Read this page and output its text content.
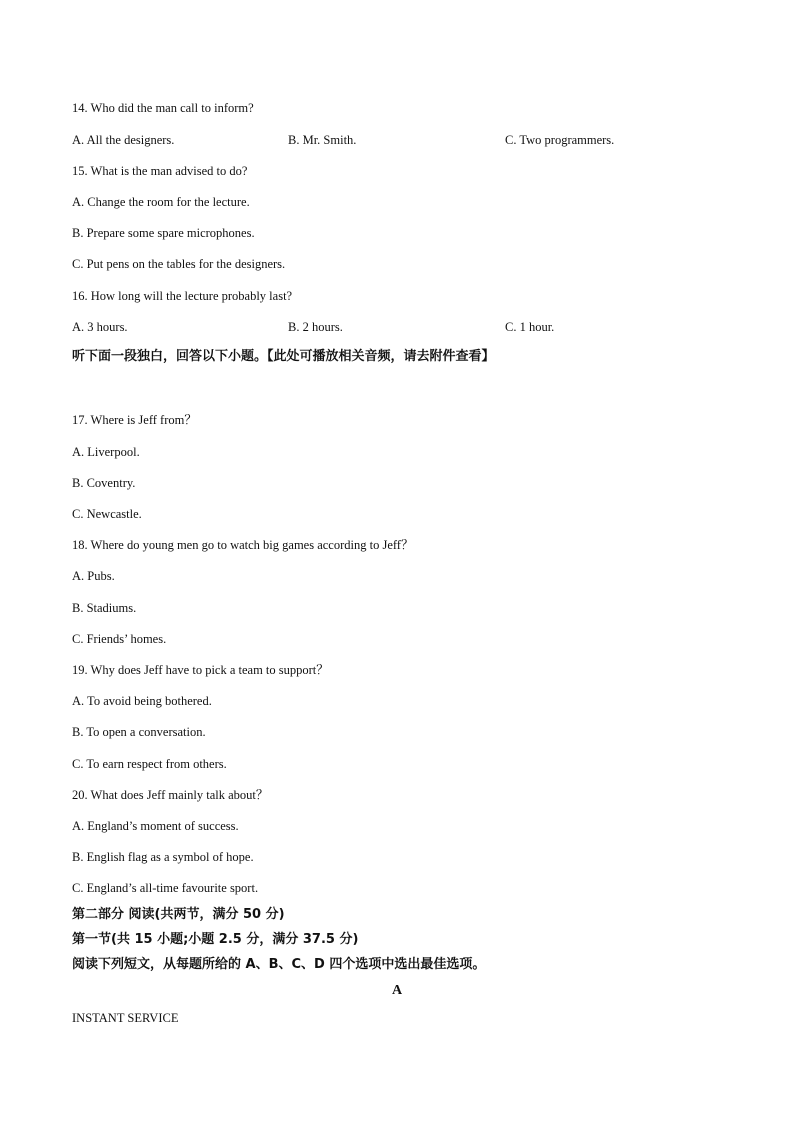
14. Who did the man call to inform?
A. All the designers.	B. Mr. Smith.	C. Two programmers.
15. What is the man advised to do?
A. Change the room for the lecture.
B. Prepare some spare microphones.
C. Put pens on the tables for the designers.
16. How long will the lecture probably last?
A. 3 hours.	B. 2 hours.	C. 1 hour.
听下面一段独白，回答以下小题。【此处可播放相关音频，请去附件查看】
17. Where is Jeff from？
A. Liverpool.
B. Coventry.
C. Newcastle.
18. Where do young men go to watch big games according to Jeff？
A. Pubs.
B. Stadiums.
C. Friends’ homes.
19. Why does Jeff have to pick a team to support？
A. To avoid being bothered.
B. To open a conversation.
C. To earn respect from others.
20. What does Jeff mainly talk about？
A. England’s moment of success.
B. English flag as a symbol of hope.
C. England’s all-time favourite sport.
第二部分 阅读(共两节，满分 50 分)
第一节(共 15 小题;小题 2.5 分，满分 37.5 分)
阅读下列短文，从每题所给的 A、B、C、D 四个选项中选出最佳选项。
A
INSTANT SERVICE
